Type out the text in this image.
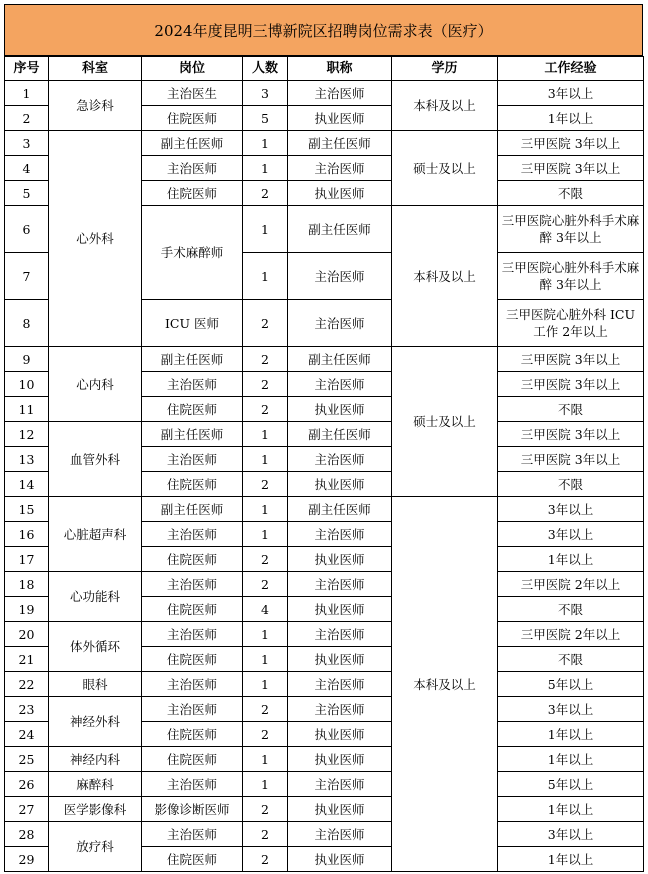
2024年度昆明三博新院区招聘岗位需求表（医疗）
序号	科室	岗位	人数	职称	学历	工作经验
1	急诊科	主治医生	3	主治医师	本科及以上	3年以上
2		住院医师	5	执业医师		1年以上
3	心外科	副主任医师	1	副主任医师	硕士及以上	三甲医院 3年以上
4		主治医师	1	主治医师		三甲医院 3年以上
5		住院医师	2	执业医师		不限
6		手术麻醉师	1	副主任医师	本科及以上	三甲医院心脏外科手术麻醉 3年以上
7			1	主治医师		三甲医院心脏外科手术麻醉 3年以上
8		ICU 医师	2	主治医师		三甲医院心脏外科 ICU 工作 2年以上
9	心内科	副主任医师	2	副主任医师	硕士及以上	三甲医院 3年以上
10		主治医师	2	主治医师		三甲医院 3年以上
11		住院医师	2	执业医师		不限
12	血管外科	副主任医师	1	副主任医师		三甲医院 3年以上
13		主治医师	1	主治医师		三甲医院 3年以上
14		住院医师	2	执业医师		不限
15	心脏超声科	副主任医师	1	副主任医师	本科及以上	3年以上
16		主治医师	1	主治医师		3年以上
17		住院医师	2	执业医师		1年以上
18	心功能科	主治医师	2	主治医师		三甲医院 2年以上
19		住院医师	4	执业医师		不限
20	体外循环	主治医师	1	主治医师		三甲医院 2年以上
21		住院医师	1	执业医师		不限
22	眼科	主治医师	1	主治医师		5年以上
23	神经外科	主治医师	2	主治医师		3年以上
24		住院医师	2	执业医师		1年以上
25	神经内科	住院医师	1	执业医师		1年以上
26	麻醉科	主治医师	1	主治医师		5年以上
27	医学影像科	影像诊断医师	2	执业医师		1年以上
28	放疗科	主治医师	2	主治医师		3年以上
29		住院医师	2	执业医师		1年以上
